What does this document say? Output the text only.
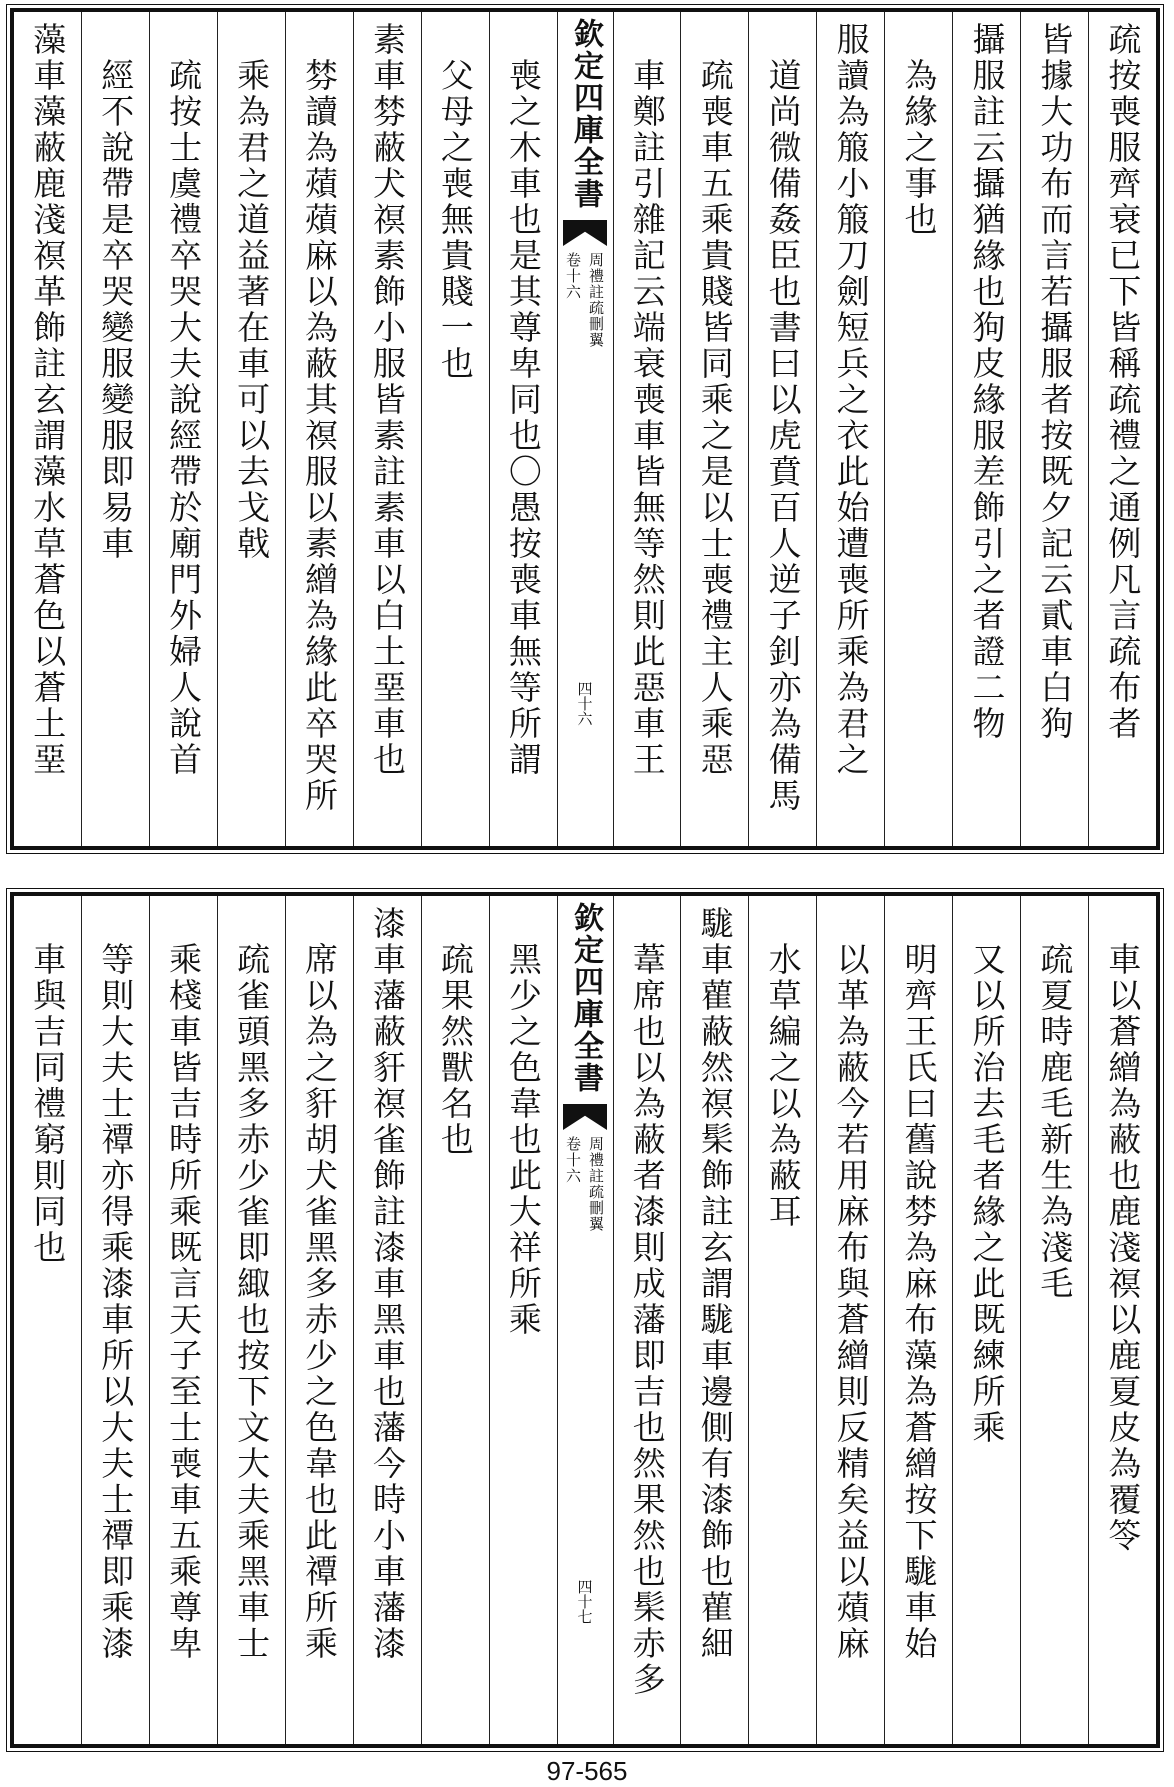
疏按喪服齊衰已下皆稱疏禮之通例凡言疏布者
皆據大功布而言若攝服者按既夕記云貳車白狗
攝服註云攝猶緣也狗皮緣服差飾引之者證二物
為緣之事也
服讀為箙小箙刀劍短兵之衣此始遭喪所乘為君之
道尚微備姦臣也書曰以虎賁百人逆子釗亦為備馬
疏喪車五乘貴賤皆同乘之是以士喪禮主人乘惡
車鄭註引雜記云端衰喪車皆無等然則此惡車王
欽定四庫全書
周禮註疏刪翼
卷十六
四十六
喪之木車也是其尊卑同也〇愚按喪車無等所謂
父母之喪無貴賤一也
素車棼蔽犬䄙素飾小服皆素註素車以白土堊車也
棼讀為薠薠麻以為蔽其䄙服以素繒為緣此卒哭所
乘為君之道益著在車可以去戈戟
疏按士虞禮卒哭大夫說經帶於廟門外婦人說首
經不說帶是卒哭變服變服即易車
藻車藻蔽鹿淺䄙革飾註玄謂藻水草蒼色以蒼土堊
車以蒼繒為蔽也鹿淺䄙以鹿夏皮為覆笭
疏夏時鹿毛新生為淺毛
又以所治去毛者緣之此既練所乘
明齊王氏曰舊說棼為麻布藻為蒼繒按下駹車始
以革為蔽今若用麻布與蒼繒則反精矣益以薠麻
水草編之以為蔽耳
駹車雚蔽然䄙髤飾註玄謂駹車邊側有漆飾也雚細
葦席也以為蔽者漆則成藩即吉也然果然也髤赤多
欽定四庫全書
周禮註疏刪翼
卷十六
四十七
黑少之色韋也此大祥所乘
疏果然獸名也
漆車藩蔽豻䄙雀飾註漆車黑車也藩今時小車藩漆
席以為之豻胡犬雀黑多赤少之色韋也此禫所乘
疏雀頭黑多赤少雀即緅也按下文大夫乘黑車士
乘棧車皆吉時所乘既言天子至士喪車五乘尊卑
等則大夫士禫亦得乘漆車所以大夫士禫即乘漆
車與吉同禮窮則同也
97-565
